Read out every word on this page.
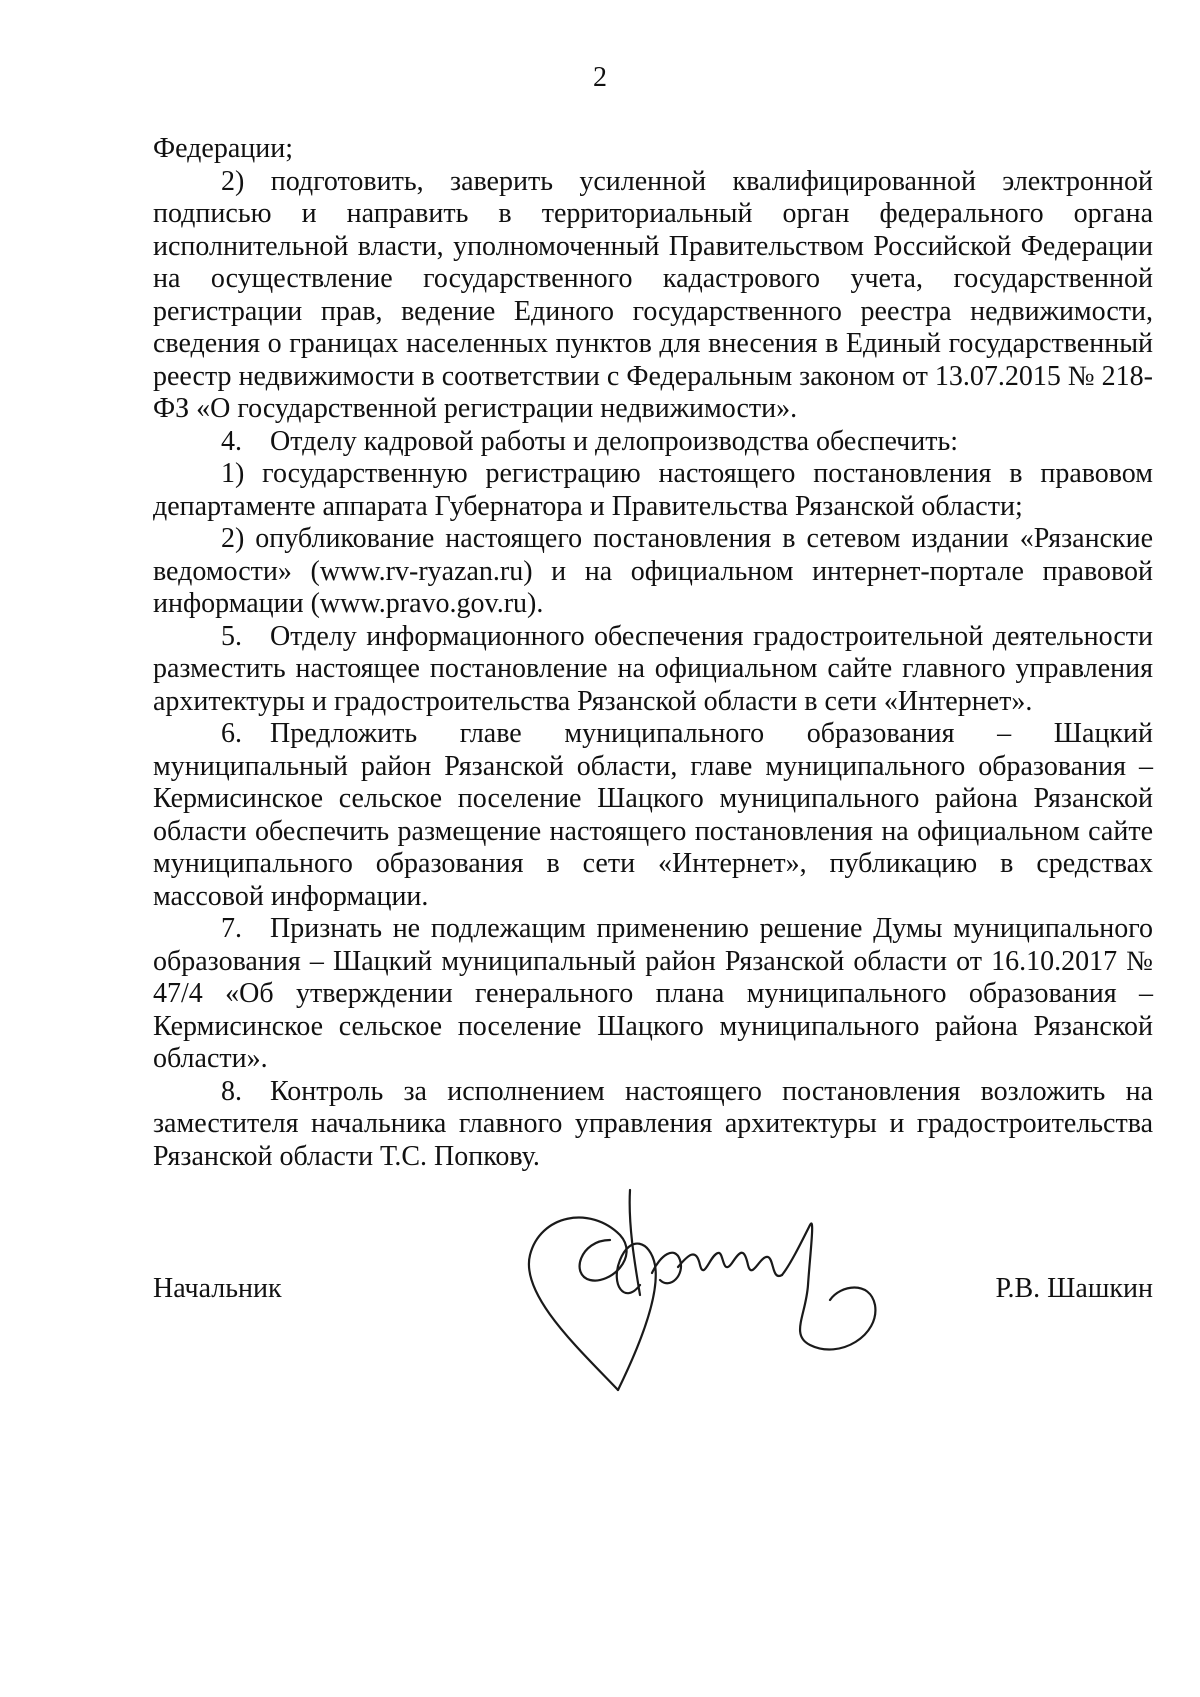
2

Федерации;

2) подготовить, заверить усиленной квалифицированной электронной подписью и направить в территориальный орган федерального органа исполнительной власти, уполномоченный Правительством Российской Федерации на осуществление государственного кадастрового учета, государственной регистрации прав, ведение Единого государственного реестра недвижимости, сведения о границах населенных пунктов для внесения в Единый государственный реестр недвижимости в соответствии с Федеральным законом от 13.07.2015 № 218-ФЗ «О государственной регистрации недвижимости».

4. Отделу кадровой работы и делопроизводства обеспечить:

1) государственную регистрацию настоящего постановления в правовом департаменте аппарата Губернатора и Правительства Рязанской области;

2) опубликование настоящего постановления в сетевом издании «Рязанские ведомости» (www.rv-ryazan.ru) и на официальном интернет-портале правовой информации (www.pravo.gov.ru).

5. Отделу информационного обеспечения градостроительной деятельности разместить настоящее постановление на официальном сайте главного управления архитектуры и градостроительства Рязанской области в сети «Интернет».

6. Предложить главе муниципального образования – Шацкий муниципальный район Рязанской области, главе муниципального образования – Кермисинское сельское поселение Шацкого муниципального района Рязанской области обеспечить размещение настоящего постановления на официальном сайте муниципального образования в сети «Интернет», публикацию в средствах массовой информации.

7. Признать не подлежащим применению решение Думы муниципального образования – Шацкий муниципальный район Рязанской области от 16.10.2017 № 47/4 «Об утверждении генерального плана муниципального образования – Кермисинское сельское поселение Шацкого муниципального района Рязанской области».

8. Контроль за исполнением настоящего постановления возложить на заместителя начальника главного управления архитектуры и градостроительства Рязанской области Т.С. Попкову.

Начальник	Р.В. Шашкин
